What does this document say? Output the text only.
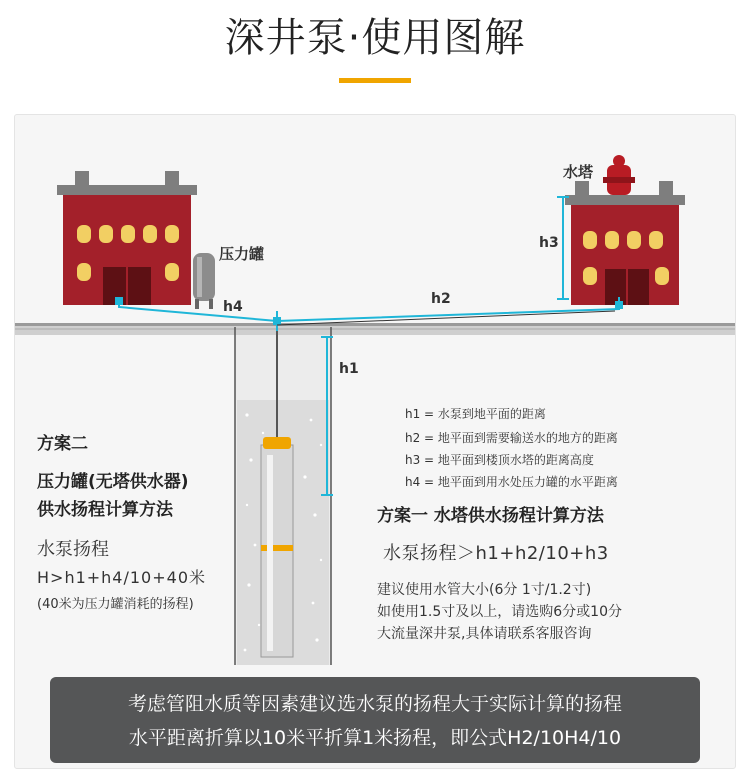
深井泵·使用图解
水塔
压力罐
h4	h2
h3
h1
h1 = 水泵到地平面的距离
h2 = 地平面到需要输送水的地方的距离
h3 = 地平面到楼顶水塔的距离高度
h4 = 地平面到用水处压力罐的水平距离
方案二
压力罐(无塔供水器)
供水扬程计算方法
水泵扬程
H>h1+h4/10+40米
(40米为压力罐消耗的扬程)
方案一 水塔供水扬程计算方法
水泵扬程＞h1+h2/10+h3
建议使用水管大小(6分 1寸/1.2寸)
如使用1.5寸及以上，请选购6分或10分
大流量深井泵,具体请联系客服咨询
考虑管阻水质等因素建议选水泵的扬程大于实际计算的扬程
水平距离折算以10米平折算1米扬程，即公式H2/10H4/10
